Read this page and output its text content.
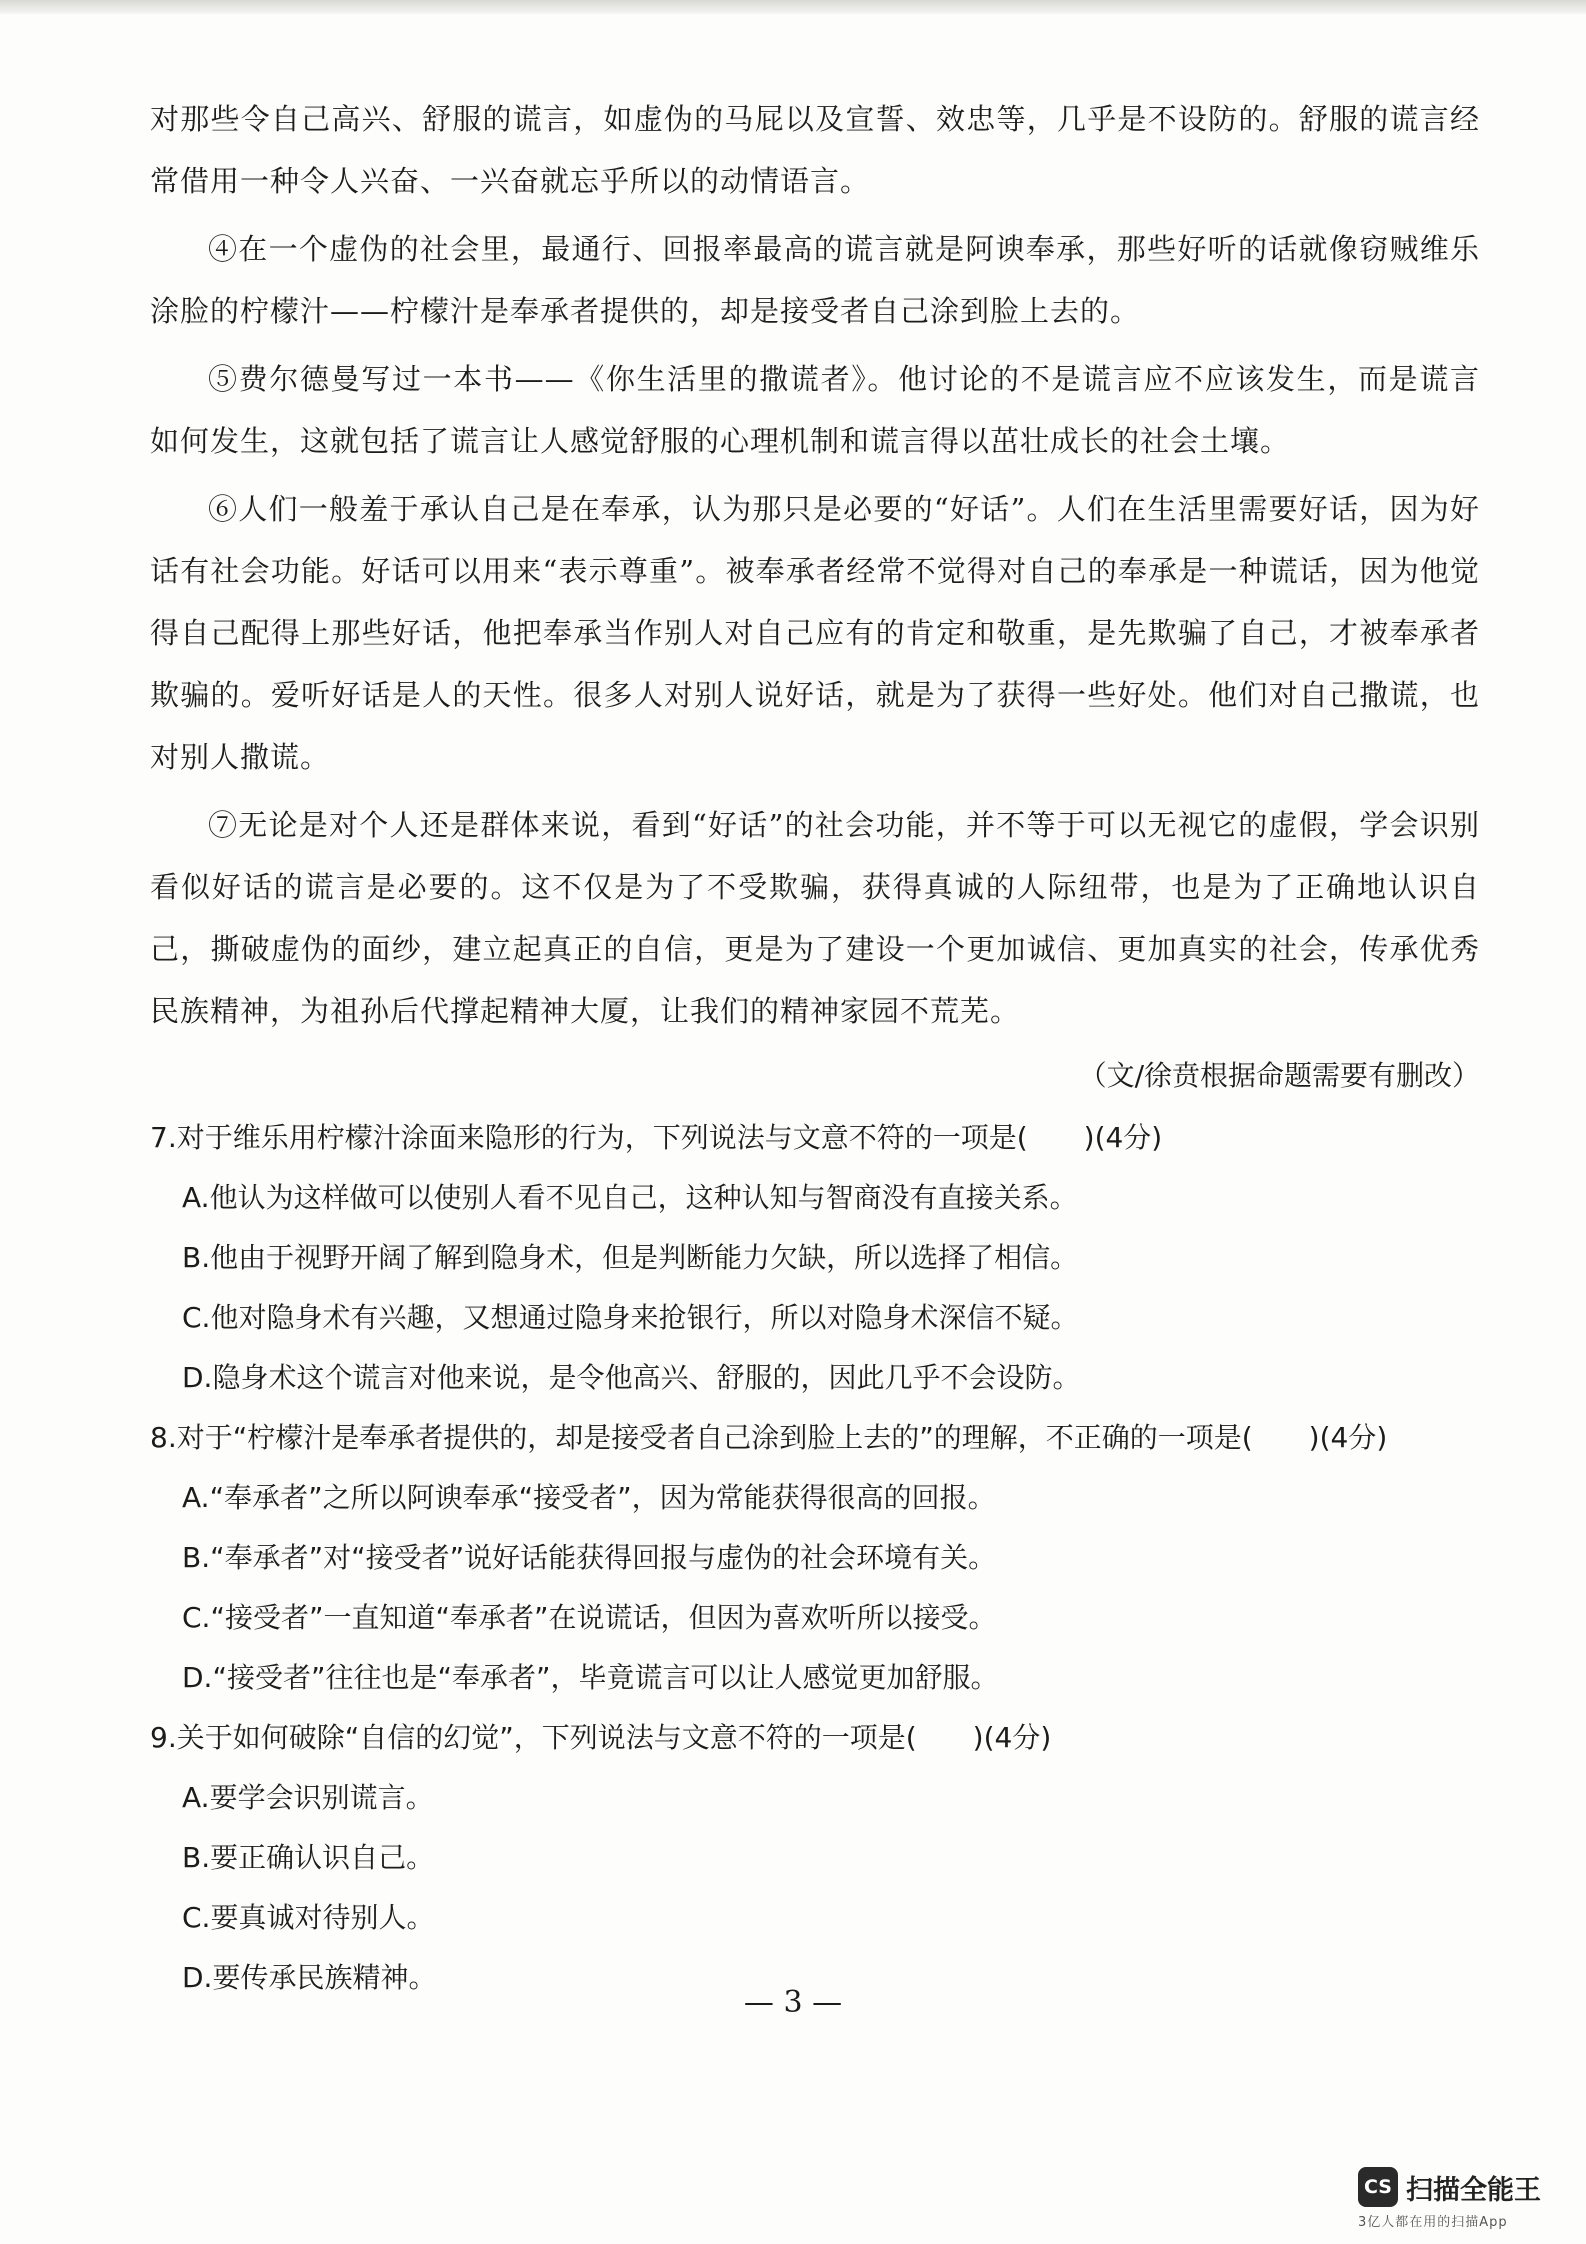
对那些令自己高兴、舒服的谎言，如虚伪的马屁以及宣誓、效忠等，几乎是不设防的。舒服的谎言经常借用一种令人兴奋、一兴奋就忘乎所以的动情语言。

④在一个虚伪的社会里，最通行、回报率最高的谎言就是阿谀奉承，那些好听的话就像窃贼维乐涂脸的柠檬汁——柠檬汁是奉承者提供的，却是接受者自己涂到脸上去的。

⑤费尔德曼写过一本书——《你生活里的撒谎者》。他讨论的不是谎言应不应该发生，而是谎言如何发生，这就包括了谎言让人感觉舒服的心理机制和谎言得以茁壮成长的社会土壤。

⑥人们一般羞于承认自己是在奉承，认为那只是必要的“好话”。人们在生活里需要好话，因为好话有社会功能。好话可以用来“表示尊重”。被奉承者经常不觉得对自己的奉承是一种谎话，因为他觉得自己配得上那些好话，他把奉承当作别人对自己应有的肯定和敬重，是先欺骗了自己，才被奉承者欺骗的。爱听好话是人的天性。很多人对别人说好话，就是为了获得一些好处。他们对自己撒谎，也对别人撒谎。

⑦无论是对个人还是群体来说，看到“好话”的社会功能，并不等于可以无视它的虚假，学会识别看似好话的谎言是必要的。这不仅是为了不受欺骗，获得真诚的人际纽带，也是为了正确地认识自己，撕破虚伪的面纱，建立起真正的自信，更是为了建设一个更加诚信、更加真实的社会，传承优秀民族精神，为祖孙后代撑起精神大厦，让我们的精神家园不荒芜。

（文/徐贲根据命题需要有删改）

7.对于维乐用柠檬汁涂面来隐形的行为，下列说法与文意不符的一项是(　　)(4分)

A.他认为这样做可以使别人看不见自己，这种认知与智商没有直接关系。

B.他由于视野开阔了解到隐身术，但是判断能力欠缺，所以选择了相信。

C.他对隐身术有兴趣，又想通过隐身来抢银行，所以对隐身术深信不疑。

D.隐身术这个谎言对他来说，是令他高兴、舒服的，因此几乎不会设防。

8.对于“柠檬汁是奉承者提供的，却是接受者自己涂到脸上去的”的理解，不正确的一项是(　　)(4分)

A.“奉承者”之所以阿谀奉承“接受者”，因为常能获得很高的回报。

B.“奉承者”对“接受者”说好话能获得回报与虚伪的社会环境有关。

C.“接受者”一直知道“奉承者”在说谎话，但因为喜欢听所以接受。

D.“接受者”往往也是“奉承者”，毕竟谎言可以让人感觉更加舒服。

9.关于如何破除“自信的幻觉”，下列说法与文意不符的一项是(　　)(4分)

A.要学会识别谎言。

B.要正确认识自己。

C.要真诚对待别人。

D.要传承民族精神。

— 3 —
CS 扫描全能王
3亿人都在用的扫描App
